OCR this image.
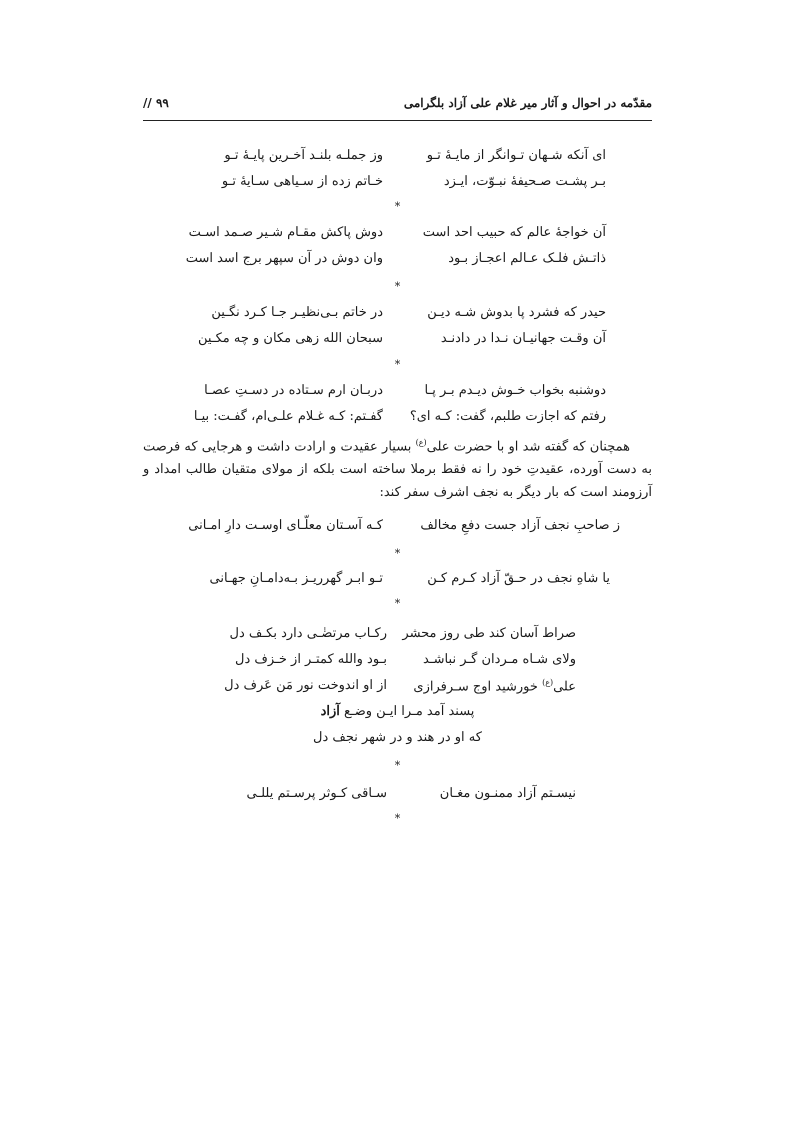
مقدّمه در احوال و آثار میر غلام علی آزاد بلگرامی
// ۹۹
ای آنکه شـهان تـوانگر از مایـهٔ تـو
وز جملـه بلنـد آخـرین پایـهٔ تـو
بـر پشـت صـحیفهٔ نبـوّت، ایـزد
خـاتم زده از سـیاهی سـایهٔ تـو
*
آن خواجهٔ عالم که حبیب احد است
دوش پاکش مقـام شـیر صـمد اسـت
ذاتـش فلـک عـالم اعجـاز بـود
وان دوش در آن سپهر برج اسد است
*
حیدر که فشرد پا بدوش شـه دیـن
در خاتم بـی‌نظیـر جـا کـرد نگـین
آن وقـت جهانیـان نـدا در دادنـد
سبحان الله زهی مکان و چه مکـین
*
دوشنبه بخواب خـوش دیـدم بـر پـا
دربـان ارم سـتاده در دسـتِ عصـا
رفتم که اجازت طلبم، گفت: کـه ای؟
گفـتم: کـه غـلام علـی‌ام، گفـت: بیـا
همچنان که گفته شد او با حضرت علی$^{(ع)}$ بسیار عقیدت و ارادت داشت و هرجایی که فرصت به دست آورده، عقیدتِ خود را نه فقط برملا ساخته است بلکه از مولای متقیان طالب امداد و آرزومند است که بار دیگر به نجف اشرف سفر کند:
ز صاحبِ نجف آزاد جست دفعِ مخالف
کـه آسـتان معلّـای اوسـت دارِ امـانی
*
یا شاهِ نجف در حـقّ آزاد کـرم کـن
تـو ابـر گهرریـز بـه‌دامـانِ جهـانی
*
صراط آسان کند طی روز محشر
رکـاب مرتضٰـی دارد بکـف دل
ولای شـاه مـردان گـر نباشـد
بـود والله کمتـر از خـزف دل
علی$^{(ع)}$ خورشید اوج سـرفرازی
از او اندوخت نور مَن عَرف دل
پسند آمد مـرا ایـن وضـع آزاد
که او در هند و در شهر نجف دل
*
نیسـتم آزاد ممنـون مغـان
سـاقی کـوثر پرسـتم یللـی
*
